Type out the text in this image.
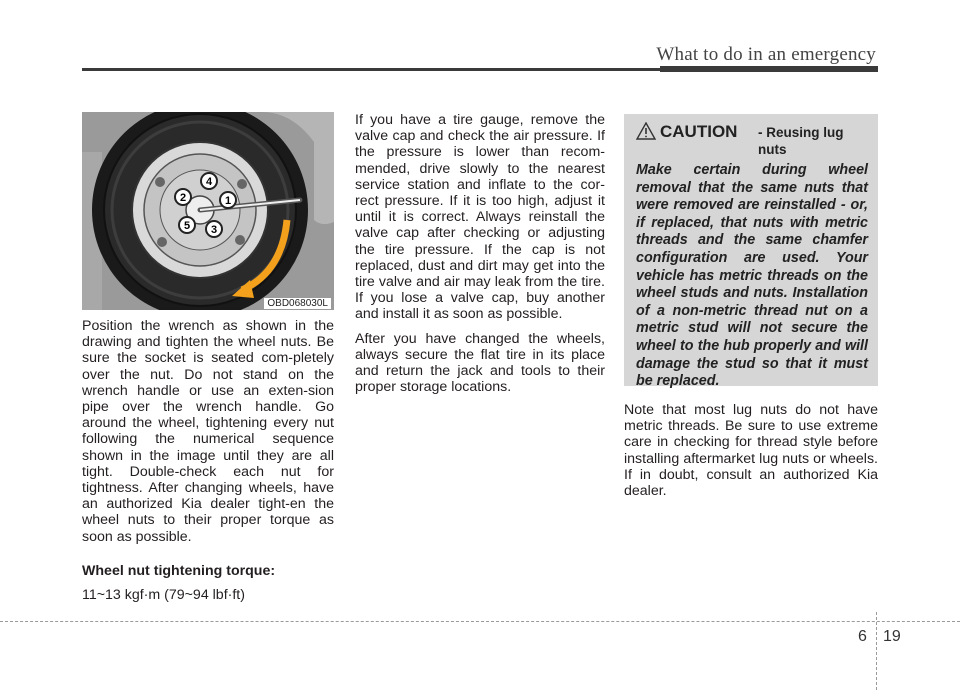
What to do in an emergency
1
2
3
4
5
OBD068030L

Position the wrench as shown in the drawing and tighten the wheel nuts. Be sure the socket is seated com-pletely over the nut. Do not stand on the wrench handle or use an exten-sion pipe over the wrench handle. Go around the wheel, tightening every nut following the numerical sequence shown in the image until they are all tight. Double-check each nut for tightness. After changing wheels, have an authorized Kia dealer tight-en the wheel nuts to their proper torque as soon as possible.

Wheel nut tightening torque:

11~13 kgf·m (79~94 lbf·ft)

If you have a tire gauge, remove the valve cap and check the air pressure. If the pressure is lower than recom-mended, drive slowly to the nearest service station and inflate to the cor-rect pressure. If it is too high, adjust it until it is correct. Always reinstall the valve cap after checking or adjusting the tire pressure. If the cap is not replaced, dust and dirt may get into the tire valve and air may leak from the tire. If you lose a valve cap, buy another and install it as soon as possible.

After you have changed the wheels, always secure the flat tire in its place and return the jack and tools to their proper storage locations.

CAUTION - Reusing lug nuts

Make certain during wheel removal that the same nuts that were removed are reinstalled - or, if replaced, that nuts with metric threads and the same chamfer configuration are used. Your vehicle has metric threads on the wheel studs and nuts. Installation of a non-metric thread nut on a metric stud will not secure the wheel to the hub properly and will damage the stud so that it must be replaced.

Note that most lug nuts do not have metric threads. Be sure to use extreme care in checking for thread style before installing aftermarket lug nuts or wheels. If in doubt, consult an authorized Kia dealer.

6 19
